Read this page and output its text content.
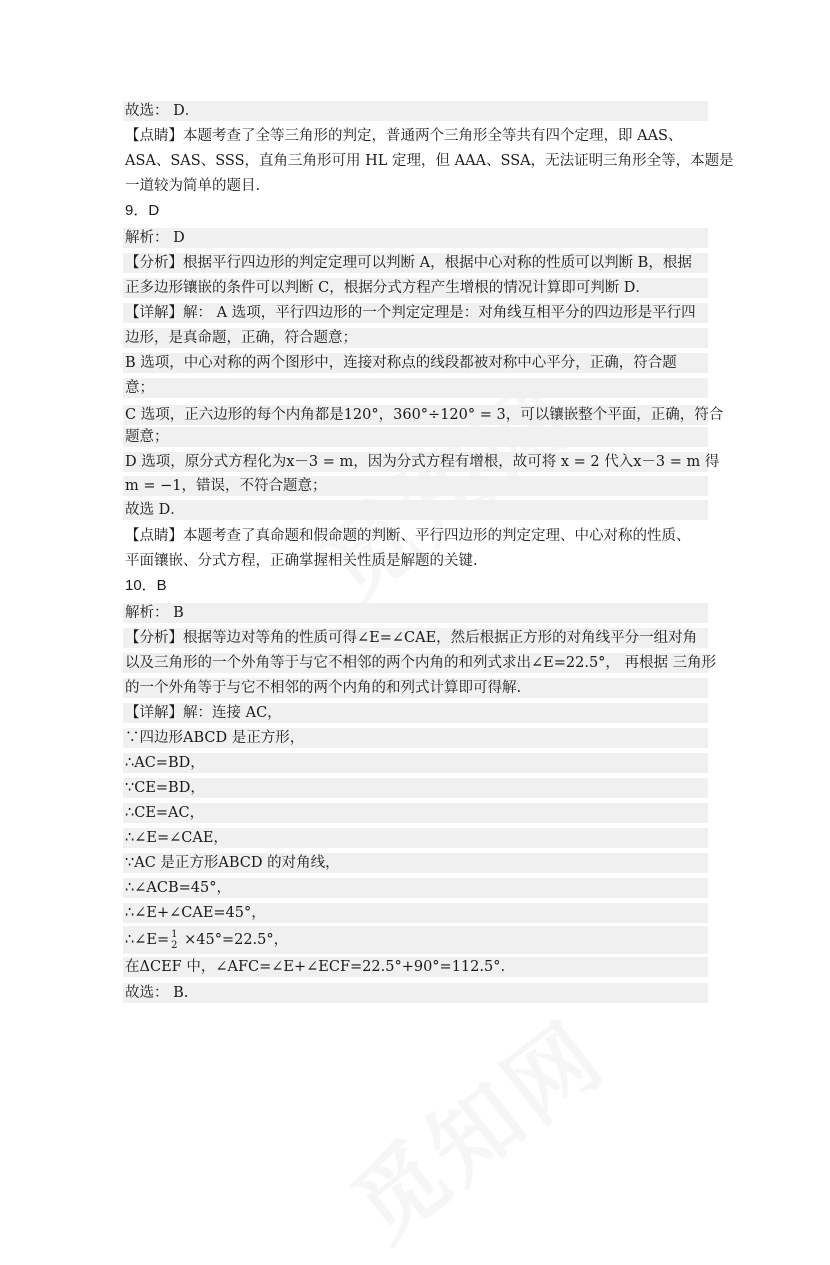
故选： D．
【点睛】本题考查了全等三角形的判定，普通两个三角形全等共有四个定理，即 AAS、
ASA、SAS、SSS，直角三角形可用 HL 定理，但 AAA、SSA，无法证明三角形全等，本题是
一道较为简单的题目.
9．D
解析： D
【分析】根据平行四边形的判定定理可以判断 A，根据中心对称的性质可以判断 B，根据
正多边形镶嵌的条件可以判断 C，根据分式方程产生增根的情况计算即可判断 D．
【详解】解： A 选项，平行四边形的一个判定定理是：对角线互相平分的四边形是平行四
边形，是真命题，正确，符合题意；
B 选项，中心对称的两个图形中，连接对称点的线段都被对称中心平分，正确，符合题
意；
C 选项，正六边形的每个内角都是120°，360°÷120° = 3，可以镶嵌整个平面，正确，符合
题意；
D 选项，原分式方程化为x－3 = m，因为分式方程有增根，故可将 x = 2 代入x－3 = m 得
m = −1，错误，不符合题意；
故选 D．
【点睛】本题考查了真命题和假命题的判断、平行四边形的判定定理、中心对称的性质、
平面镶嵌、分式方程，正确掌握相关性质是解题的关键.
10．B
解析： B
【分析】根据等边对等角的性质可得∠E=∠CAE，然后根据正方形的对角线平分一组对角
以及三角形的一个外角等于与它不相邻的两个内角的和列式求出∠E=22.5°， 再根据 三角形
的一个外角等于与它不相邻的两个内角的和列式计算即可得解.
【详解】解：连接 AC，
∵四边形ABCD 是正方形，
∴AC=BD，
∵CE=BD，
∴CE=AC，
∴∠E=∠CAE，
∵AC 是正方形ABCD 的对角线，
∴∠ACB=45°，
∴∠E+∠CAE=45°，
∴∠E= 1
2 ×45°=22.5°，
在ΔCEF 中，∠AFC=∠E+∠ECF=22.5°+90°=112.5°.
故选： B.
